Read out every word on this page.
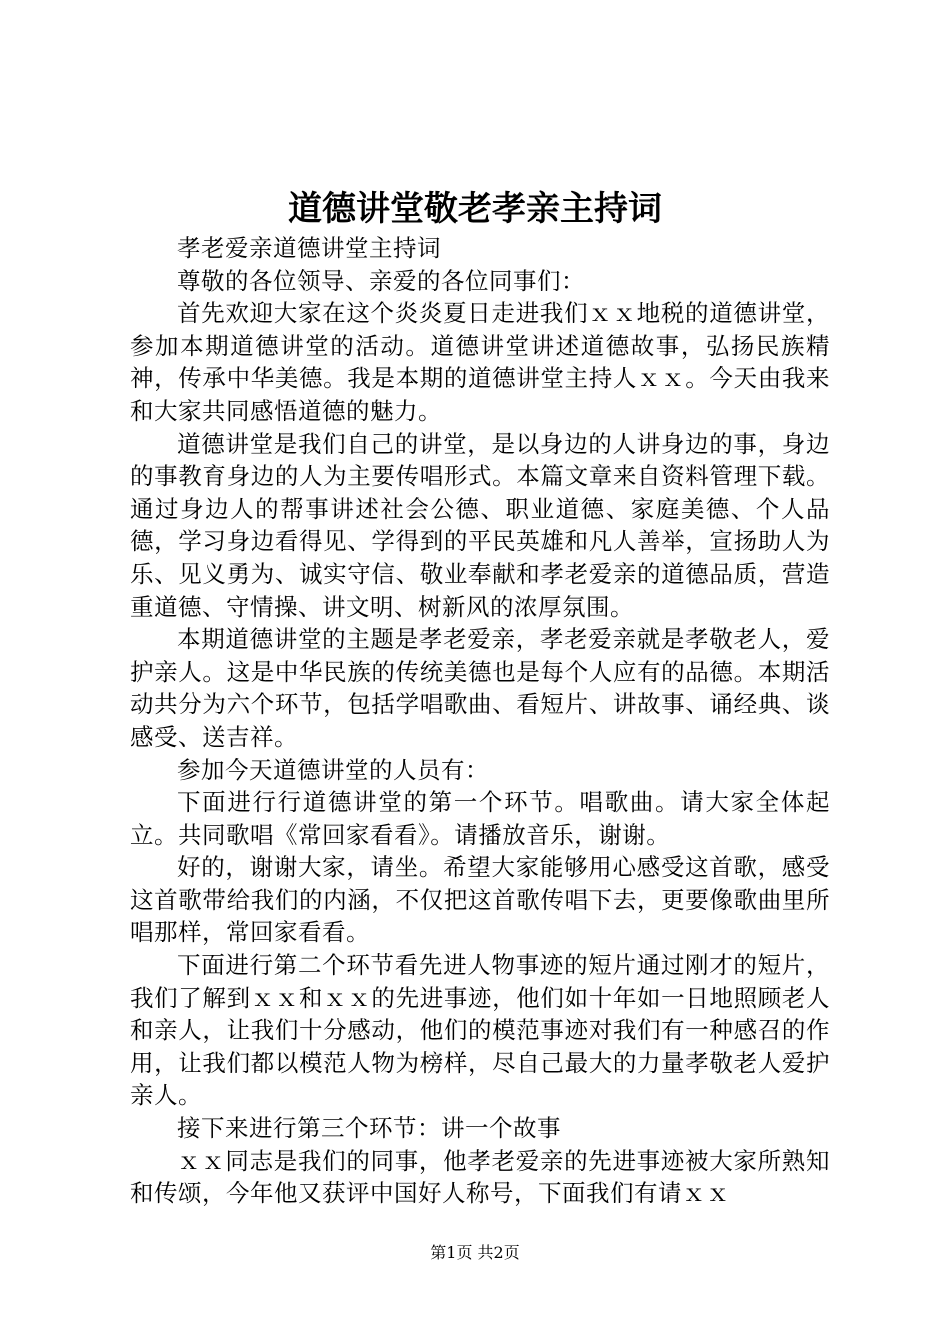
道德讲堂敬老孝亲主持词

孝老爱亲道德讲堂主持词

尊敬的各位领导、亲爱的各位同事们：

首先欢迎大家在这个炎炎夏日走进我们ｘｘ地税的道德讲堂，参加本期道德讲堂的活动。道德讲堂讲述道德故事，弘扬民族精神，传承中华美德。我是本期的道德讲堂主持人ｘｘ。今天由我来和大家共同感悟道德的魅力。

道德讲堂是我们自己的讲堂，是以身边的人讲身边的事，身边的事教育身边的人为主要传唱形式。本篇文章来自资料管理下载。通过身边人的帮事讲述社会公德、职业道德、家庭美德、个人品德，学习身边看得见、学得到的平民英雄和凡人善举，宣扬助人为乐、见义勇为、诚实守信、敬业奉献和孝老爱亲的道德品质，营造重道德、守情操、讲文明、树新风的浓厚氛围。

本期道德讲堂的主题是孝老爱亲，孝老爱亲就是孝敬老人，爱护亲人。这是中华民族的传统美德也是每个人应有的品德。本期活动共分为六个环节，包括学唱歌曲、看短片、讲故事、诵经典、谈感受、送吉祥。

参加今天道德讲堂的人员有：

下面进行行道德讲堂的第一个环节。唱歌曲。请大家全体起立。共同歌唱《常回家看看》。请播放音乐，谢谢。

好的，谢谢大家，请坐。希望大家能够用心感受这首歌，感受这首歌带给我们的内涵，不仅把这首歌传唱下去，更要像歌曲里所唱那样，常回家看看。

下面进行第二个环节看先进人物事迹的短片通过刚才的短片，我们了解到ｘｘ和ｘｘ的先进事迹，他们如十年如一日地照顾老人和亲人，让我们十分感动，他们的模范事迹对我们有一种感召的作用，让我们都以模范人物为榜样，尽自己最大的力量孝敬老人爱护亲人。

接下来进行第三个环节：讲一个故事

ｘｘ同志是我们的同事，他孝老爱亲的先进事迹被大家所熟知和传颂，今年他又获评中国好人称号，下面我们有请ｘｘ

第1页 共2页
